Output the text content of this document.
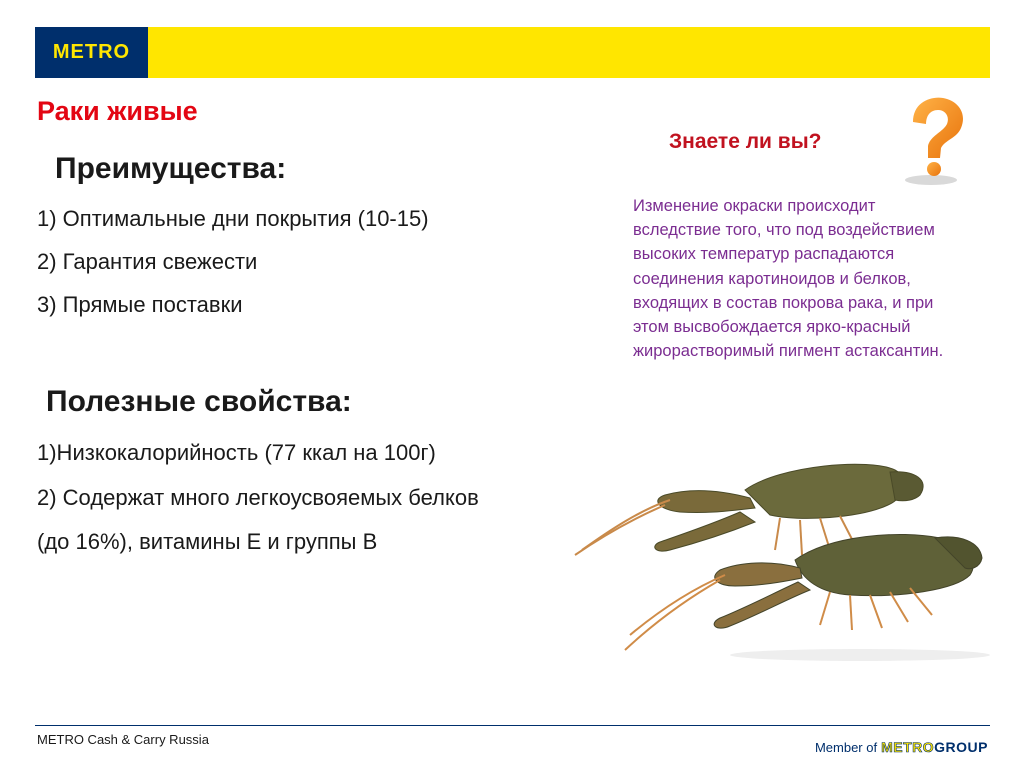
METRO
Раки живые
Преимущества:
1) Оптимальные дни покрытия (10-15)
2) Гарантия свежести
3) Прямые поставки
Полезные свойства:
1)Низкокалорийность (77 ккал на 100г)
2) Содержат много легкоусвояемых белков
(до 16%), витамины Е и группы В
Знаете ли вы?
Изменение окраски происходит вследствие того, что под воздействием высоких температур распадаются соединения каротиноидов и белков, входящих в состав покрова рака, и при этом высвобождается ярко-красный жирорастворимый пигмент астаксантин.
METRO Cash & Carry Russia	Member of METROGROUP
